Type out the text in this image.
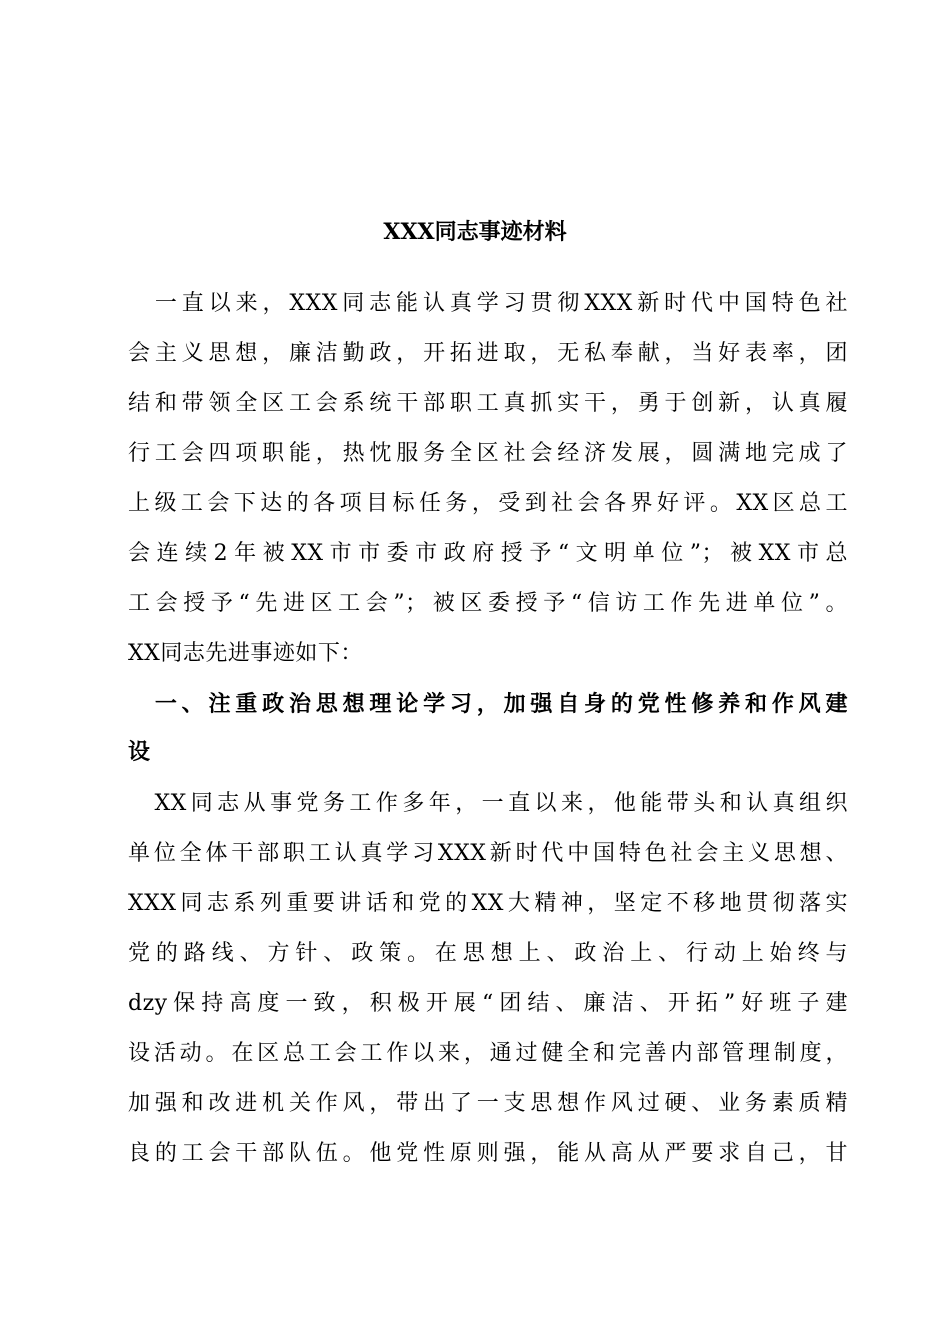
XXX同志事迹材料
　一直以来，XXX同志能认真学习贯彻XXX新时代中国特色社
会主义思想，廉洁勤政，开拓进取，无私奉献，当好表率，团
结和带领全区工会系统干部职工真抓实干，勇于创新，认真履
行工会四项职能，热忱服务全区社会经济发展，圆满地完成了
上级工会下达的各项目标任务，受到社会各界好评。XX区总工
会连续2年被XX市市委市政府授予“文明单位”；被XX市总
工会授予“先进区工会”；被区委授予“信访工作先进单位”。
XX同志先进事迹如下：
　一、注重政治思想理论学习，加强自身的党性修养和作风建
设
　XX同志从事党务工作多年，一直以来，他能带头和认真组织
单位全体干部职工认真学习XXX新时代中国特色社会主义思想、
XXX同志系列重要讲话和党的XX大精神，坚定不移地贯彻落实
党的路线、方针、政策。在思想上、政治上、行动上始终与
dzy保持高度一致，积极开展“团结、廉洁、开拓”好班子建
设活动。在区总工会工作以来，通过健全和完善内部管理制度，
加强和改进机关作风，带出了一支思想作风过硬、业务素质精
良的工会干部队伍。他党性原则强，能从高从严要求自己，甘
